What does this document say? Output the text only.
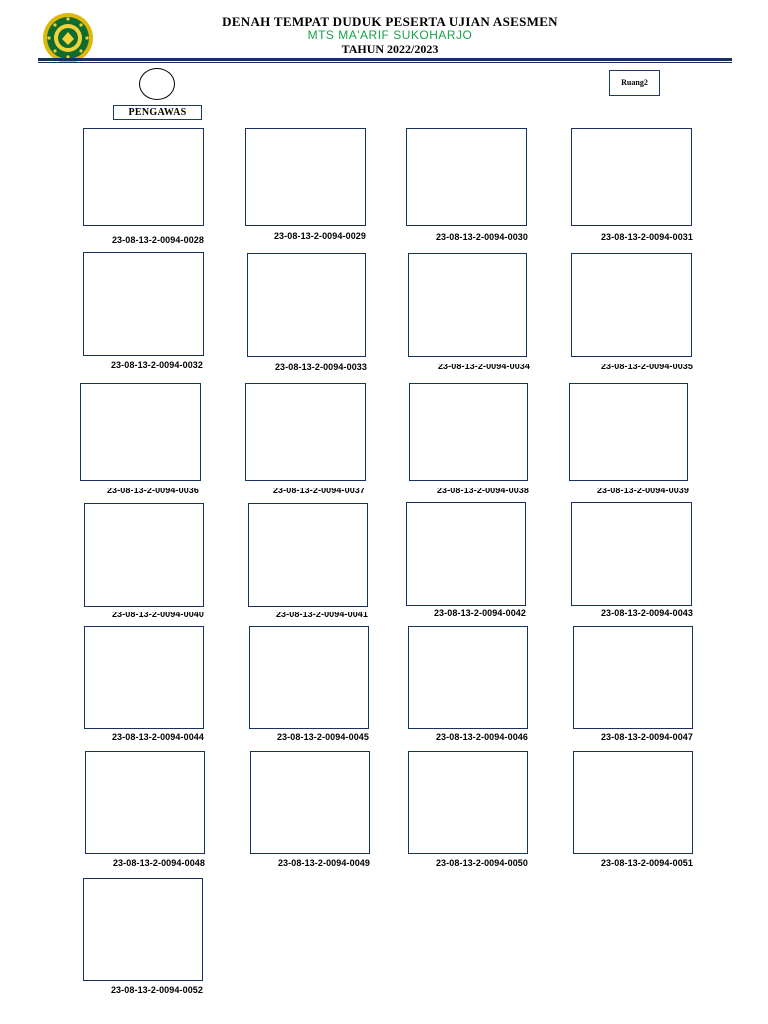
DENAH TEMPAT DUDUK PESERTA UJIAN ASESMEN
MTS MA'ARIF SUKOHARJO
TAHUN 2022/2023
PENGAWAS
Ruang2
23-08-13-2-0094-0028	23-08-13-2-0094-0029	23-08-13-2-0094-0030	23-08-13-2-0094-0031
23-08-13-2-0094-0032	23-08-13-2-0094-0033	23-08-13-2-0094-0034	23-08-13-2-0094-0035
23-08-13-2-0094-0036	23-08-13-2-0094-0037	23-08-13-2-0094-0038	23-08-13-2-0094-0039
23-08-13-2-0094-0040	23-08-13-2-0094-0041	23-08-13-2-0094-0042	23-08-13-2-0094-0043
23-08-13-2-0094-0044	23-08-13-2-0094-0045	23-08-13-2-0094-0046	23-08-13-2-0094-0047
23-08-13-2-0094-0048	23-08-13-2-0094-0049	23-08-13-2-0094-0050	23-08-13-2-0094-0051
23-08-13-2-0094-0052
